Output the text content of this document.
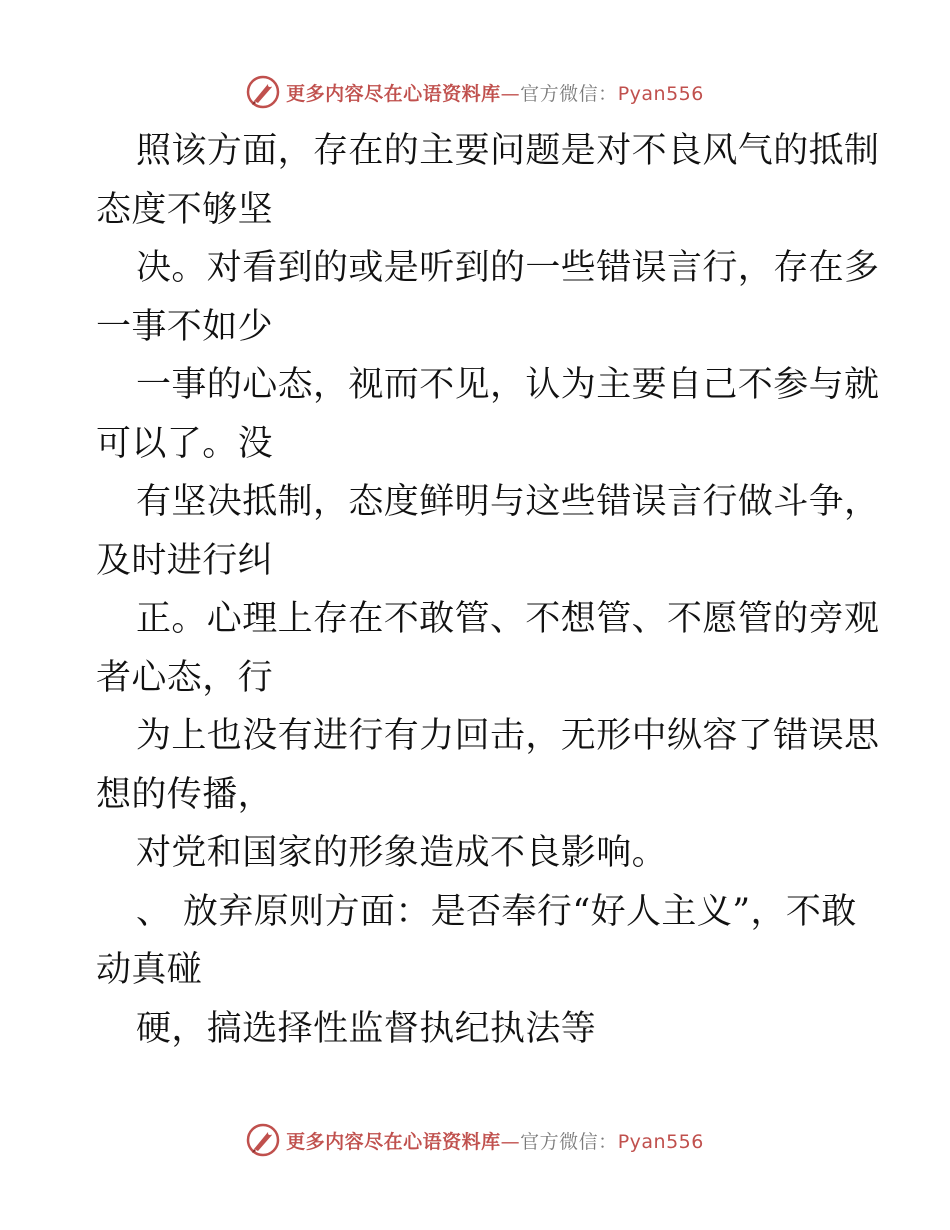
更多内容尽在心语资料库—官方微信：Pyan556
照该方面，存在的主要问题是对不良风气的抵制
态度不够坚
决。对看到的或是听到的一些错误言行，存在多
一事不如少
一事的心态，视而不见，认为主要自己不参与就
可以了。没
有坚决抵制，态度鲜明与这些错误言行做斗争，
及时进行纠
正。心理上存在不敢管、不想管、不愿管的旁观
者心态，行
为上也没有进行有力回击，无形中纵容了错误思
想的传播，
对党和国家的形象造成不良影响。
、 放弃原则方面：是否奉行“好人主义”，不敢
动真碰
硬，搞选择性监督执纪执法等
更多内容尽在心语资料库—官方微信：Pyan556
